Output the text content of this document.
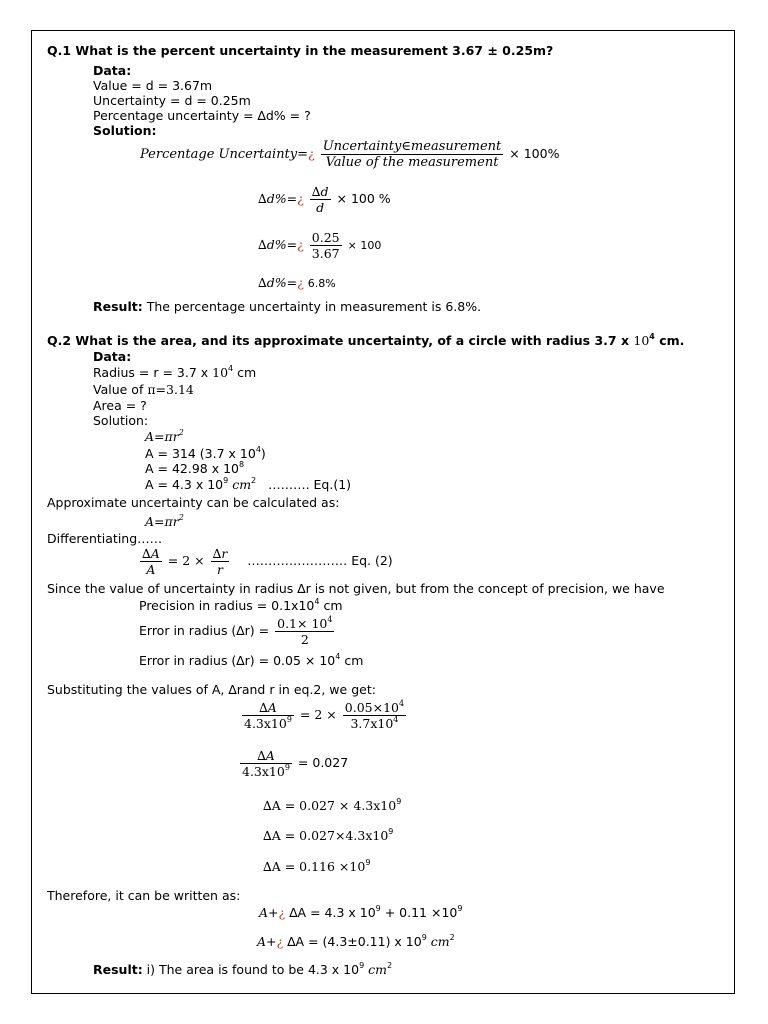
Q.1 What is the percent uncertainty in the measurement 3.67 ± 0.25m?
Data:
Value = d = 3.67m
Uncertainty = d = 0.25m
Percentage uncertainty = ∆d% = ?
Solution:
Percentage Uncertainty=¿ Uncertainty∈measurement
Value of the measurement
× 100%
∆d%=¿ $\frac{\Delta d}{d} \times 100$ %
∆d%=¿ $\frac{0.25}{3.67} \times 100$
∆d%=¿ 6.8%
Result: The percentage uncertainty in measurement is 6.8%.
Q.2 What is the area, and its approximate uncertainty, of a circle with radius 3.7 x $10^4$ cm.
Data:
Radius = r = 3.7 x $10^4$ cm
Value of π=3.14
Area = ?
Solution:
$A=\pi r^2$
A = 314 (3.7 x $10^4$)
A = 42.98 x $10^8$
A = 4.3 x $10^9$ $cm^2$ ………. Eq.(1)
Approximate uncertainty can be calculated as:
$A=\pi r^2$
Differentiating……
$\frac{\Delta A}{A} = 2 \times \frac{\Delta r}{r}$ …………………… Eq. (2)
Since the value of uncertainty in radius ∆r is not given, but from the concept of precision, we have
Precision in radius = $0.1x10^4$ cm
Error in radius $(\Delta r) = \frac{0.1\times 10^4}{2}$
Error in radius $(\Delta r) = 0.05 \times 10^4$ cm
Substituting the values of A, ∆rand r in eq.2, we get:
$\frac{\Delta A}{4.3x10^9} = 2 \times \frac{0.05\times 10^4}{3.7x10^4}$
$\frac{\Delta A}{4.3x10^9} = 0.027$
$\Delta A = 0.027 \times 4.3x10^9$
$\Delta A = 0.027\times 4.3x10^9$
$\Delta A = 0.116 \times 10^9$
Therefore, it can be written as:
A+¿ ∆A = 4.3 x $10^9 + 0.11 \times 10^9$
A+¿ ∆A = (4.3±0.11) x $10^9$ $cm^2$
Result: i) The area is found to be 4.3 x $10^9$ $cm^2$
